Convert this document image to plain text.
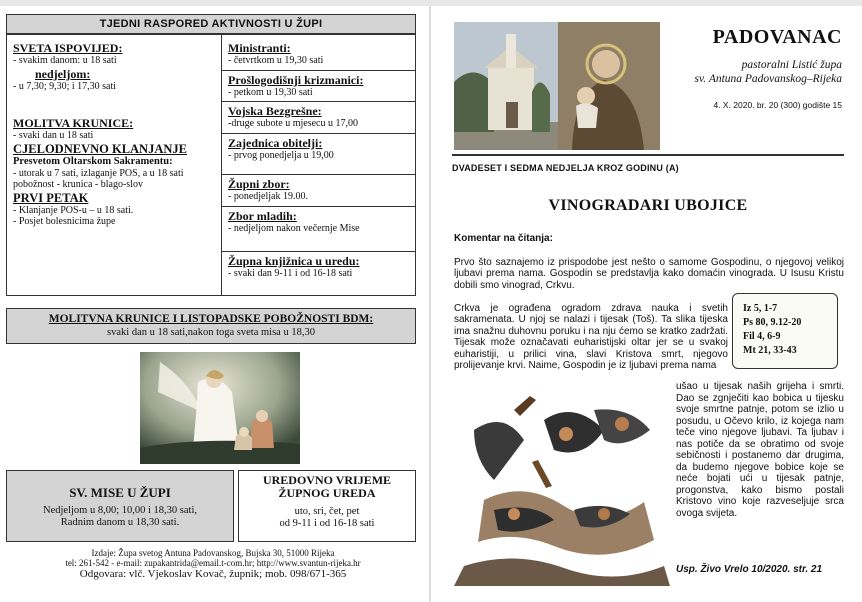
TJEDNI RASPORED AKTIVNOSTI U ŽUPI
SVETA ISPOVIJED:
- svakim danom: u 18 sati
nedjeljom:
- u 7,30; 9,30; i 17,30 sati
MOLITVA KRUNICE:
- svaki dan u 18 sati
CJELODNEVNO KLANJANJE
Presvetom Oltarskom Sakramentu:
- utorak u 7 sati, izlaganje POS, a u 18 sati pobožnost - krunica - blago-slov
PRVI PETAK
- Klanjanje POS-u – u 18 sati.
- Posjet bolesnicima župe
Ministranti:
- četvrtkom u 19,30 sati
Prošlogodišnji krizmanici:
- petkom u 19,30 sati
Vojska Bezgrešne:
-druge subote u mjesecu u 17,00
Zajednica obitelji:
- prvog ponedjelja u 19,00
Župni zbor:
- ponedjeljak 19.00.
Zbor mladih:
- nedjeljom nakon večernje Mise
Župna knjižnica u uredu:
- svaki dan 9-11 i od 16-18 sati
MOLITVNA KRUNICE I LISTOPADSKE POBOŽNOSTI BDM:
svaki dan u 18 sati,nakon toga sveta misa u 18,30
SV. MISE U ŽUPI
Nedjeljom u 8,00; 10,00 i 18,30 sati,
Radnim danom u 18,30 sati.
UREDOVNO VRIJEME
ŽUPNOG UREDA
uto, sri, čet, pet
od 9-11 i od 16-18 sati
Izdaje: Župa svetog Antuna Padovanskog, Bujska 30, 51000 Rijeka
tel: 261-542 - e-mail: zupakantrida@email.t-com.hr; http://www.svantun-rijeka.hr
Odgovara: vlč. Vjekoslav Kovač, župnik; mob. 098/671-365
PADOVANAC
pastoralni Listić župa
sv. Antuna Padovanskog–Rijeka
4. X. 2020. br. 20 (300) godište 15
DVADESET I SEDMA NEDJELJA KROZ GODINU (A)
VINOGRADARI UBOJICE
Komentar na čitanja:

Prvo što saznajemo iz prispodobe jest nešto o samome Gospodinu, o njegovoj velikoj ljubavi prema nama. Gospodin se predstavlja kako domaćin vinograda. U Isusu Kristu dobili smo vinograd, Crkvu.

Crkva je ograđena ogradom zdrava nauka i svetih sakramenata. U njoj se nalazi i tijesak (Toš). Ta slika tijeska ima snažnu duhovnu poruku i na nju ćemo se kratko zadržati. Tijesak može označavati euharistijski oltar jer se u svakoj euharistiji, u prilici vina, slavi Kristova smrt, njegovo prolijevanje krvi. Naime, Gospodin je iz ljubavi prema nama

Iz 5, 1-7
Ps 80, 9.12-20
Fil 4, 6-9
Mt 21, 33-43

ušao u tijesak naših grijeha i smrti. Dao se zgnječiti kao bobica u tijesku svoje smrtne patnje, potom se izlio u posudu, u Očevo krilo, iz kojega nam teče vino njegove ljubavi. Ta ljubav i nas potiče da se obratimo od svoje sebičnosti i postanemo dar drugima, da budemo njegove bobice koje se neće bojati ući u tijesak patnje, progonstva, kako bismo postali Kristovo vino koje razveseljuje srca ovoga svijeta.

Usp. Živo Vrelo 10/2020. str. 21
